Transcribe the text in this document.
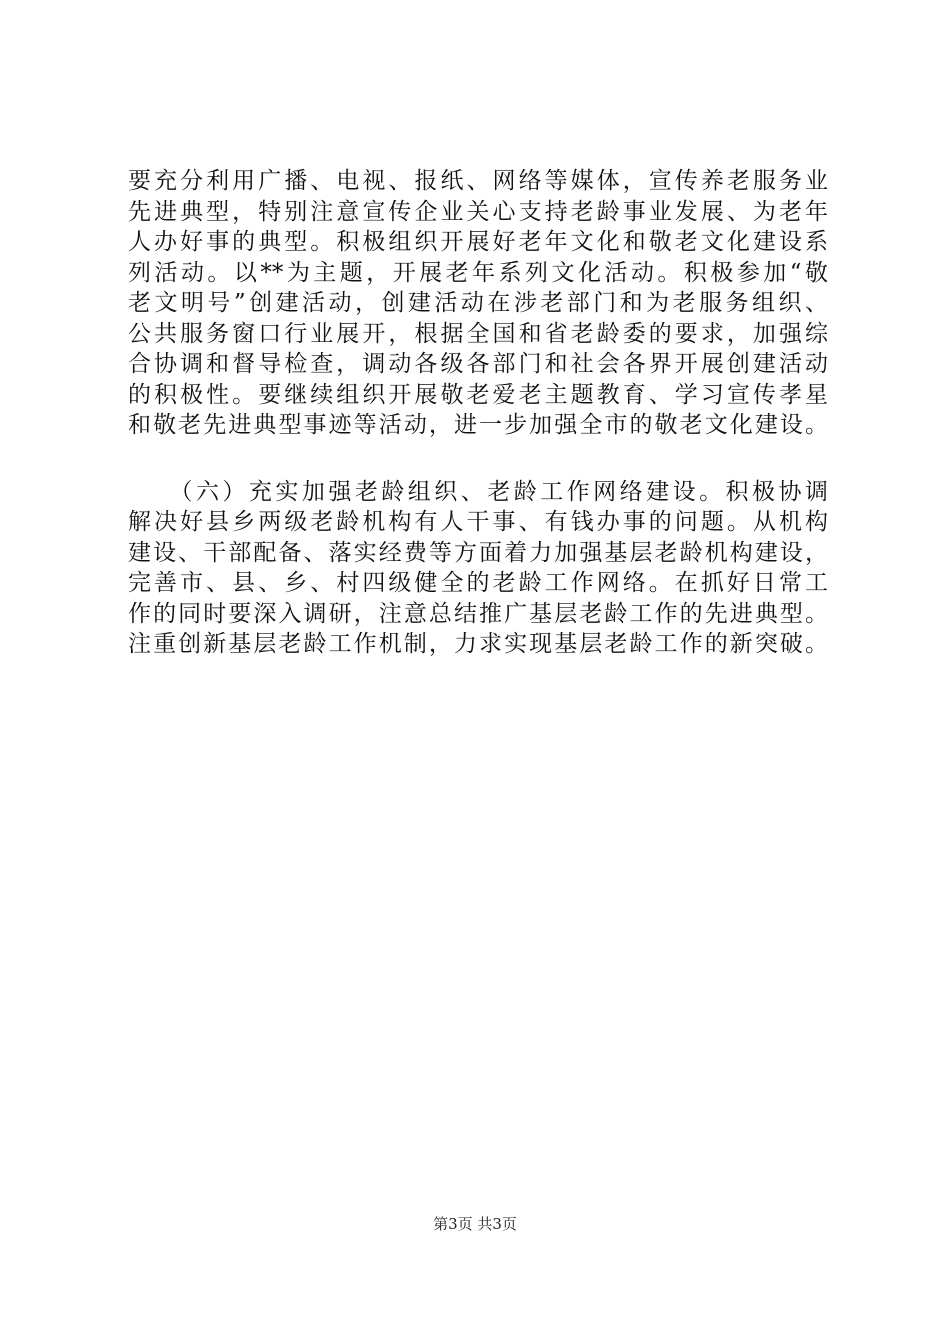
要充分利用广播、电视、报纸、网络等媒体，宣传养老服务业
先进典型，特别注意宣传企业关心支持老龄事业发展、为老年
人办好事的典型。积极组织开展好老年文化和敬老文化建设系
列活动。以**为主题，开展老年系列文化活动。积极参加“敬
老文明号”创建活动，创建活动在涉老部门和为老服务组织、
公共服务窗口行业展开，根据全国和省老龄委的要求，加强综
合协调和督导检查，调动各级各部门和社会各界开展创建活动
的积极性。要继续组织开展敬老爱老主题教育、学习宣传孝星
和敬老先进典型事迹等活动，进一步加强全市的敬老文化建设。
　　（六）充实加强老龄组织、老龄工作网络建设。积极协调
解决好县乡两级老龄机构有人干事、有钱办事的问题。从机构
建设、干部配备、落实经费等方面着力加强基层老龄机构建设，
完善市、县、乡、村四级健全的老龄工作网络。在抓好日常工
作的同时要深入调研，注意总结推广基层老龄工作的先进典型。
注重创新基层老龄工作机制，力求实现基层老龄工作的新突破。
第3页 共3页
